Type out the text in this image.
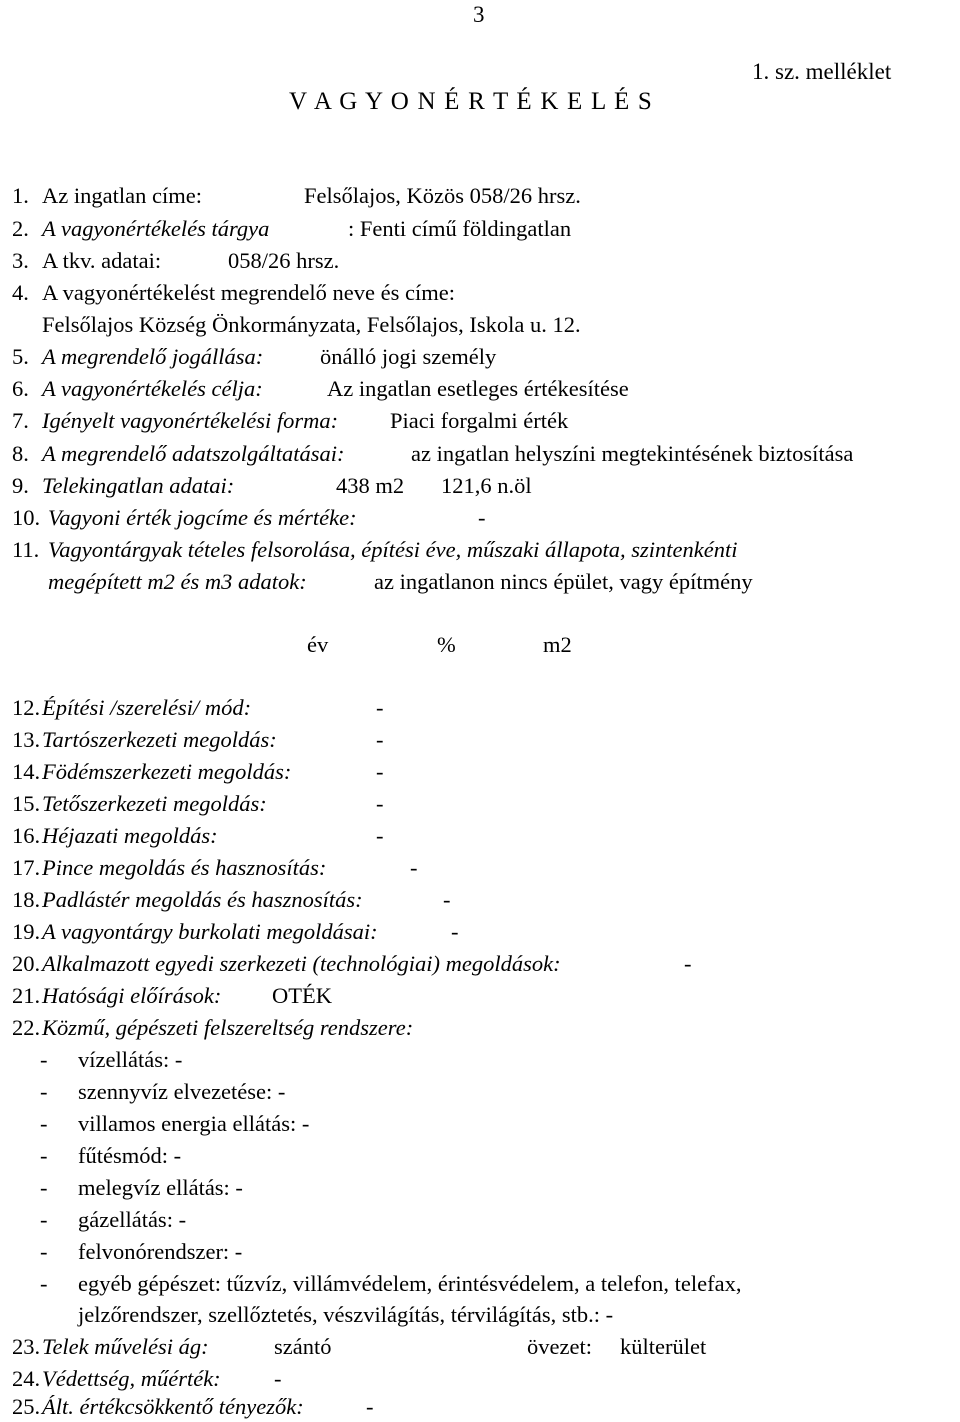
3
1. sz. melléklet
V A G Y O N É R T É K E L É S
1. Az ingatlan címe:	Felsőlajos, Közös 058/26 hrsz.
2. A vagyonértékelés tárgya	: Fenti című földingatlan
3. A tkv. adatai:	058/26 hrsz.
4. A vagyonértékelést megrendelő neve és címe:
Felsőlajos Község Önkormányzata, Felsőlajos, Iskola u. 12.
5. A megrendelő jogállása:	önálló jogi személy
6. A vagyonértékelés célja:	Az ingatlan esetleges értékesítése
7. Igényelt vagyonértékelési forma: Piaci forgalmi érték
8. A megrendelő adatszolgáltatásai:	az ingatlan helyszíni megtekintésének biztosítása
9. Telekingatlan adatai:	438 m2 121,6 n.öl
10. Vagyoni érték jogcíme és mértéke:	-
11. Vagyontárgyak tételes felsorolása, építési éve, műszaki állapota, szintenkénti
megépített m2 és m3 adatok:	az ingatlanon nincs épület, vagy építmény
év	%	m2
12. Építési /szerelési/ mód:	-
13. Tartószerkezeti megoldás:	-
14. Födémszerkezeti megoldás:	-
15. Tetőszerkezeti megoldás:	-
16. Héjazati megoldás:	-
17. Pince megoldás és hasznosítás:	-
18. Padlástér megoldás és hasznosítás:	-
19. A vagyontárgy burkolati megoldásai:	-
20. Alkalmazott egyedi szerkezeti (technológiai) megoldások:	-
21. Hatósági előírások: OTÉK
22. Közmű, gépészeti felszereltség rendszere:
- vízellátás: -
- szennyvíz elvezetése: -
- villamos energia ellátás: -
- fűtésmód: -
- melegvíz ellátás: -
- gázellátás: -
- felvonórendszer: -
- egyéb gépészet: tűzvíz, villámvédelem, érintésvédelem, a telefon, telefax,
jelzőrendszer, szellőztetés, vészvilágítás, térvilágítás, stb.: -
23. Telek művelési ág:	szántó	övezet: külterület
24. Védettség, műérték: -
25. Ált. értékcsökkentő tényezők:	-
